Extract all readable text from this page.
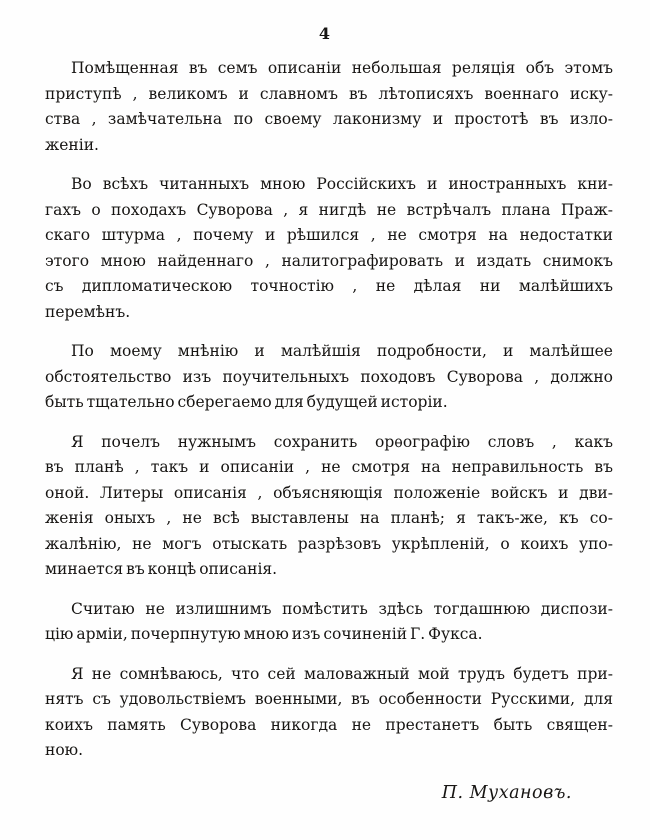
4
Помѣщенная въ семъ описаніи небольшая реляція объ этомъ
приступѣ , великомъ и славномъ въ лѣтописяхъ военнаго иску-
ства , замѣчательна по своему лаконизму и простотѣ въ изло-
женіи.
Во всѣхъ читанныхъ мною Россійскихъ и иностранныхъ кни-
гахъ о походахъ Суворова , я нигдѣ не встрѣчалъ плана Праж-
скаго штурма , почему и рѣшился , не смотря на недостатки
этого мною найденнаго , налитографировать и издать снимокъ
съ дипломатическою точностію , не дѣлая ни малѣйшихъ
перемѣнъ.
По моему мнѣнію и малѣйшія подробности, и малѣйшее
обстоятельство изъ поучительныхъ походовъ Суворова , должно
быть тщательно сберегаемо для будущей исторіи.
Я почелъ нужнымъ сохранить орѳографію словъ , какъ
въ планѣ , такъ и описаніи , не смотря на неправильность въ
оной. Литеры описанія , объясняющія положеніе войскъ и дви-
женія оныхъ , не всѣ выставлены на планѣ; я такъ-же, къ со-
жалѣнію, не могъ отыскать разрѣзовъ укрѣпленій, о коихъ упо-
минается въ концѣ описанія.
Считаю не излишнимъ помѣстить здѣсь тогдашнюю диспози-
цію арміи, почерпнутую мною изъ сочиненій Г. Фукса.
Я не сомнѣваюсь, что сей маловажный мой трудъ будетъ при-
нятъ съ удовольствіемъ военными, въ особенности Русскими, для
коихъ память Суворова никогда не престанетъ быть священ-
ною.
П. Мухановъ.
